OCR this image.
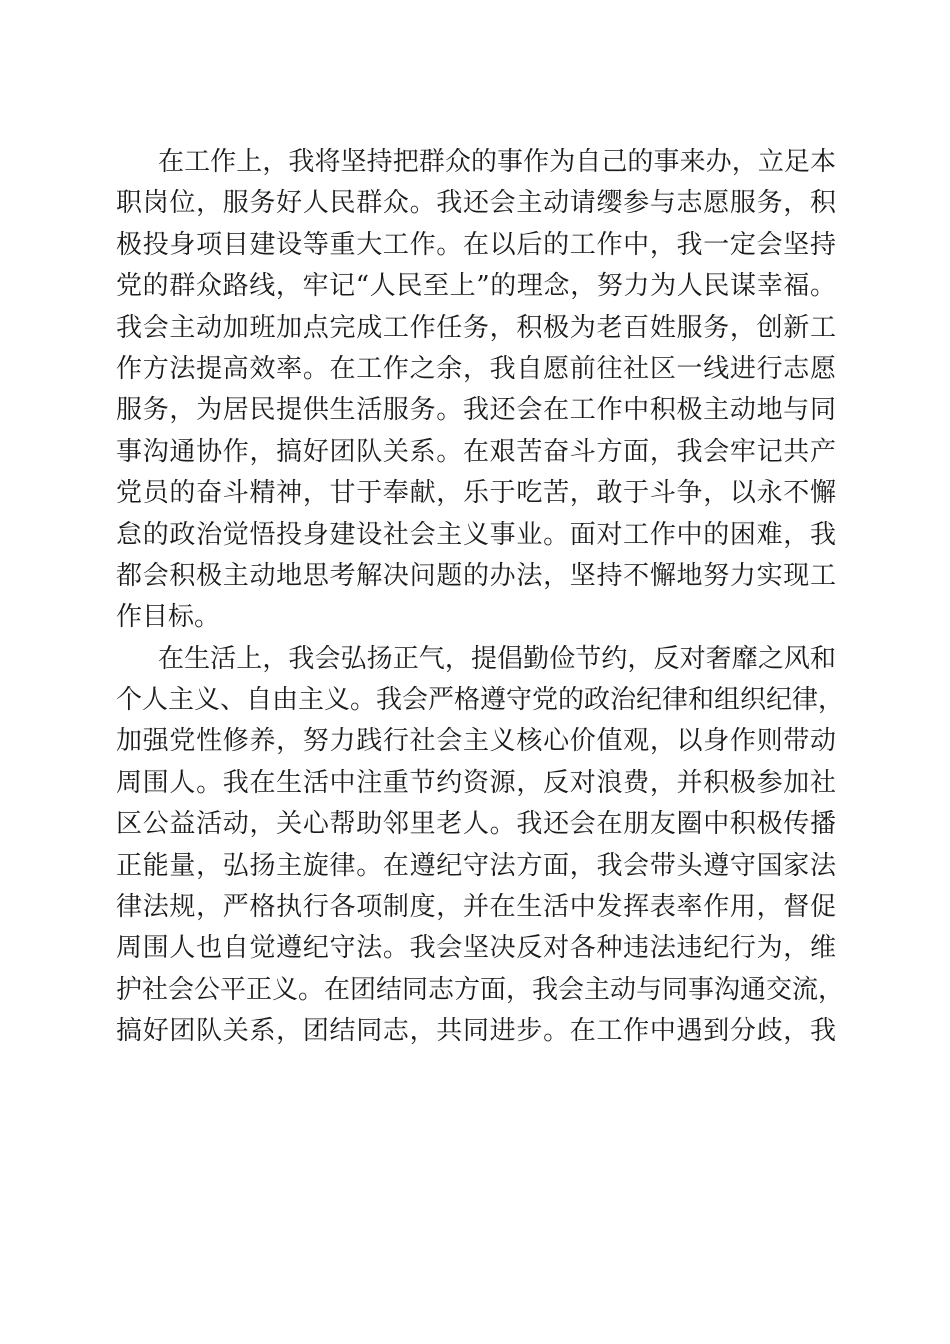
在工作上，我将坚持把群众的事作为自己的事来办，立足本
职岗位，服务好人民群众。我还会主动请缨参与志愿服务，积
极投身项目建设等重大工作。在以后的工作中，我一定会坚持
党的群众路线，牢记“人民至上”的理念，努力为人民谋幸福。
我会主动加班加点完成工作任务，积极为老百姓服务，创新工
作方法提高效率。在工作之余，我自愿前往社区一线进行志愿
服务，为居民提供生活服务。我还会在工作中积极主动地与同
事沟通协作，搞好团队关系。在艰苦奋斗方面，我会牢记共产
党员的奋斗精神，甘于奉献，乐于吃苦，敢于斗争，以永不懈
怠的政治觉悟投身建设社会主义事业。面对工作中的困难，我
都会积极主动地思考解决问题的办法，坚持不懈地努力实现工
作目标。
在生活上，我会弘扬正气，提倡勤俭节约，反对奢靡之风和
个人主义、自由主义。我会严格遵守党的政治纪律和组织纪律，
加强党性修养，努力践行社会主义核心价值观，以身作则带动
周围人。我在生活中注重节约资源，反对浪费，并积极参加社
区公益活动，关心帮助邻里老人。我还会在朋友圈中积极传播
正能量，弘扬主旋律。在遵纪守法方面，我会带头遵守国家法
律法规，严格执行各项制度，并在生活中发挥表率作用，督促
周围人也自觉遵纪守法。我会坚决反对各种违法违纪行为，维
护社会公平正义。在团结同志方面，我会主动与同事沟通交流，
搞好团队关系，团结同志，共同进步。在工作中遇到分歧，我
